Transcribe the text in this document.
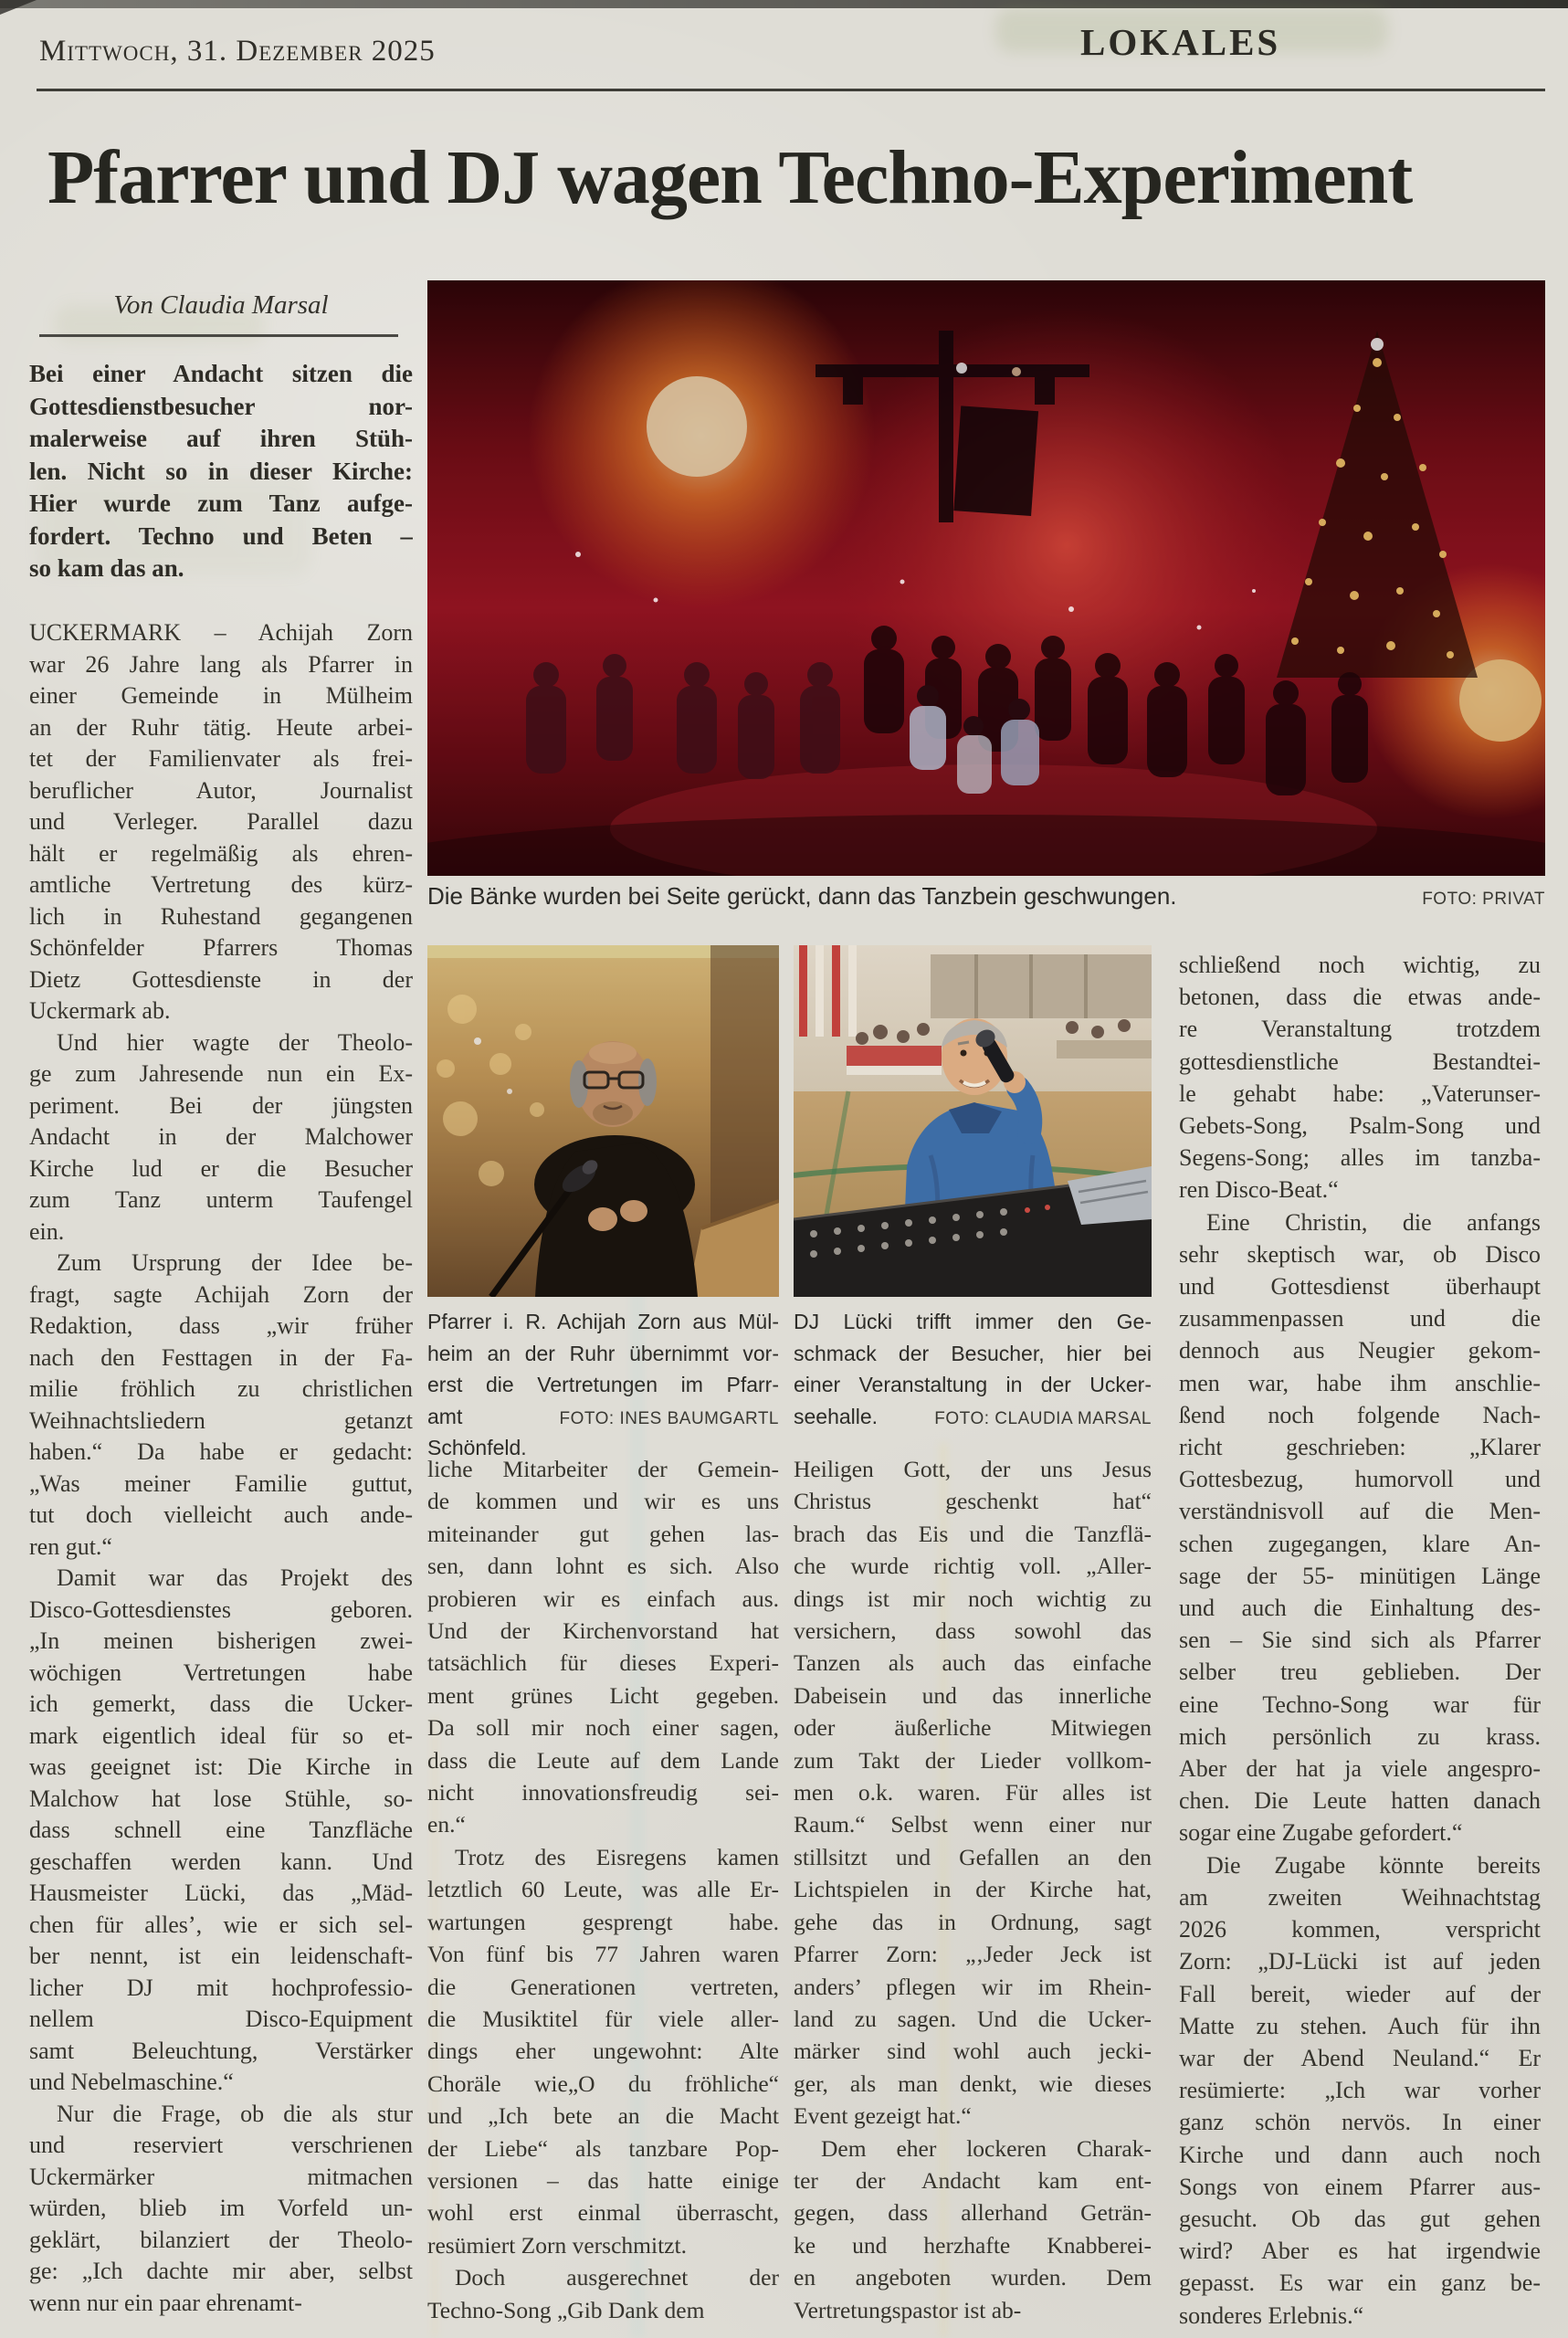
Mittwoch, 31. Dezember 2025	LOKALES
Pfarrer und DJ wagen Techno-Experiment
Von Claudia Marsal
Bei einer Andacht sitzen die
Gottesdienstbesucher nor-
malerweise auf ihren Stüh-
len. Nicht so in dieser Kirche:
Hier wurde zum Tanz aufge-
fordert. Techno und Beten –
so kam das an.
UCKERMARK – Achijah Zorn
war 26 Jahre lang als Pfarrer in
einer Gemeinde in Mülheim
an der Ruhr tätig. Heute arbei-
tet der Familienvater als frei-
beruflicher Autor, Journalist
und Verleger. Parallel dazu
hält er regelmäßig als ehren-
amtliche Vertretung des kürz-
lich in Ruhestand gegangenen
Schönfelder Pfarrers Thomas
Dietz Gottesdienste in der
Uckermark ab.
Und hier wagte der Theolo-
ge zum Jahresende nun ein Ex-
periment. Bei der jüngsten
Andacht in der Malchower
Kirche lud er die Besucher
zum Tanz unterm Taufengel
ein.
Zum Ursprung der Idee be-
fragt, sagte Achijah Zorn der
Redaktion, dass „wir früher
nach den Festtagen in der Fa-
milie fröhlich zu christlichen
Weihnachtsliedern getanzt
haben.“ Da habe er gedacht:
„Was meiner Familie guttut,
tut doch vielleicht auch ande-
ren gut.“
Damit war das Projekt des
Disco-Gottesdienstes geboren.
„In meinen bisherigen zwei-
wöchigen Vertretungen habe
ich gemerkt, dass die Ucker-
mark eigentlich ideal für so et-
was geeignet ist: Die Kirche in
Malchow hat lose Stühle, so-
dass schnell eine Tanzfläche
geschaffen werden kann. Und
Hausmeister Lücki, das „Mäd-
chen für alles’, wie er sich sel-
ber nennt, ist ein leidenschaft-
licher DJ mit hochprofessio-
nellem Disco-Equipment
samt Beleuchtung, Verstärker
und Nebelmaschine.“
Nur die Frage, ob die als stur
und reserviert verschrienen
Uckermärker mitmachen
würden, blieb im Vorfeld un-
geklärt, bilanziert der Theolo-
ge: „Ich dachte mir aber, selbst
wenn nur ein paar ehrenamt-
liche Mitarbeiter der Gemein-
de kommen und wir es uns
miteinander gut gehen las-
sen, dann lohnt es sich. Also
probieren wir es einfach aus.
Und der Kirchenvorstand hat
tatsächlich für dieses Experi-
ment grünes Licht gegeben.
Da soll mir noch einer sagen,
dass die Leute auf dem Lande
nicht innovationsfreudig sei-
en.“
Trotz des Eisregens kamen
letztlich 60 Leute, was alle Er-
wartungen gesprengt habe.
Von fünf bis 77 Jahren waren
die Generationen vertreten,
die Musiktitel für viele aller-
dings eher ungewohnt: Alte
Choräle wie„O du fröhliche“
und „Ich bete an die Macht
der Liebe“ als tanzbare Pop-
versionen – das hatte einige
wohl erst einmal überrascht,
resümiert Zorn verschmitzt.
Doch ausgerechnet der
Techno-Song „Gib Dank dem
Heiligen Gott, der uns Jesus
Christus geschenkt hat“
brach das Eis und die Tanzflä-
che wurde richtig voll. „Aller-
dings ist mir noch wichtig zu
versichern, dass sowohl das
Tanzen als auch das einfache
Dabeisein und das innerliche
oder äußerliche Mitwiegen
zum Takt der Lieder vollkom-
men o.k. waren. Für alles ist
Raum.“ Selbst wenn einer nur
stillsitzt und Gefallen an den
Lichtspielen in der Kirche hat,
gehe das in Ordnung, sagt
Pfarrer Zorn: „‚Jeder Jeck ist
anders’ pflegen wir im Rhein-
land zu sagen. Und die Ucker-
märker sind wohl auch jecki-
ger, als man denkt, wie dieses
Event gezeigt hat.“
Dem eher lockeren Charak-
ter der Andacht kam ent-
gegen, dass allerhand Geträn-
ke und herzhafte Knabberei-
en angeboten wurden. Dem
Vertretungspastor ist ab-
schließend noch wichtig, zu
betonen, dass die etwas ande-
re Veranstaltung trotzdem
gottesdienstliche Bestandtei-
le gehabt habe: „Vaterunser-
Gebets-Song, Psalm-Song und
Segens-Song; alles im tanzba-
ren Disco-Beat.“
Eine Christin, die anfangs
sehr skeptisch war, ob Disco
und Gottesdienst überhaupt
zusammenpassen und die
dennoch aus Neugier gekom-
men war, habe ihm anschlie-
ßend noch folgende Nach-
richt geschrieben: „Klarer
Gottesbezug, humorvoll und
verständnisvoll auf die Men-
schen zugegangen, klare An-
sage der 55- minütigen Länge
und auch die Einhaltung des-
sen – Sie sind sich als Pfarrer
selber treu geblieben. Der
eine Techno-Song war für
mich persönlich zu krass.
Aber der hat ja viele angespro-
chen. Die Leute hatten danach
sogar eine Zugabe gefordert.“
Die Zugabe könnte bereits
am zweiten Weihnachtstag
2026 kommen, verspricht
Zorn: „DJ-Lücki ist auf jeden
Fall bereit, wieder auf der
Matte zu stehen. Auch für ihn
war der Abend Neuland.“ Er
resümierte: „Ich war vorher
ganz schön nervös. In einer
Kirche und dann auch noch
Songs von einem Pfarrer aus-
gesucht. Ob das gut gehen
wird? Aber es hat irgendwie
gepasst. Es war ein ganz be-
sonderes Erlebnis.“
Die Bänke wurden bei Seite gerückt, dann das Tanzbein geschwungen.	FOTO: PRIVAT
Pfarrer i. R. Achijah Zorn aus Mül-
heim an der Ruhr übernimmt vor-
erst die Vertretungen im Pfarr-
amt Schönfeld.
FOTO: INES BAUMGARTL
DJ Lücki trifft immer den Ge-
schmack der Besucher, hier bei
einer Veranstaltung in der Ucker-
seehalle.	FOTO: CLAUDIA MARSAL
